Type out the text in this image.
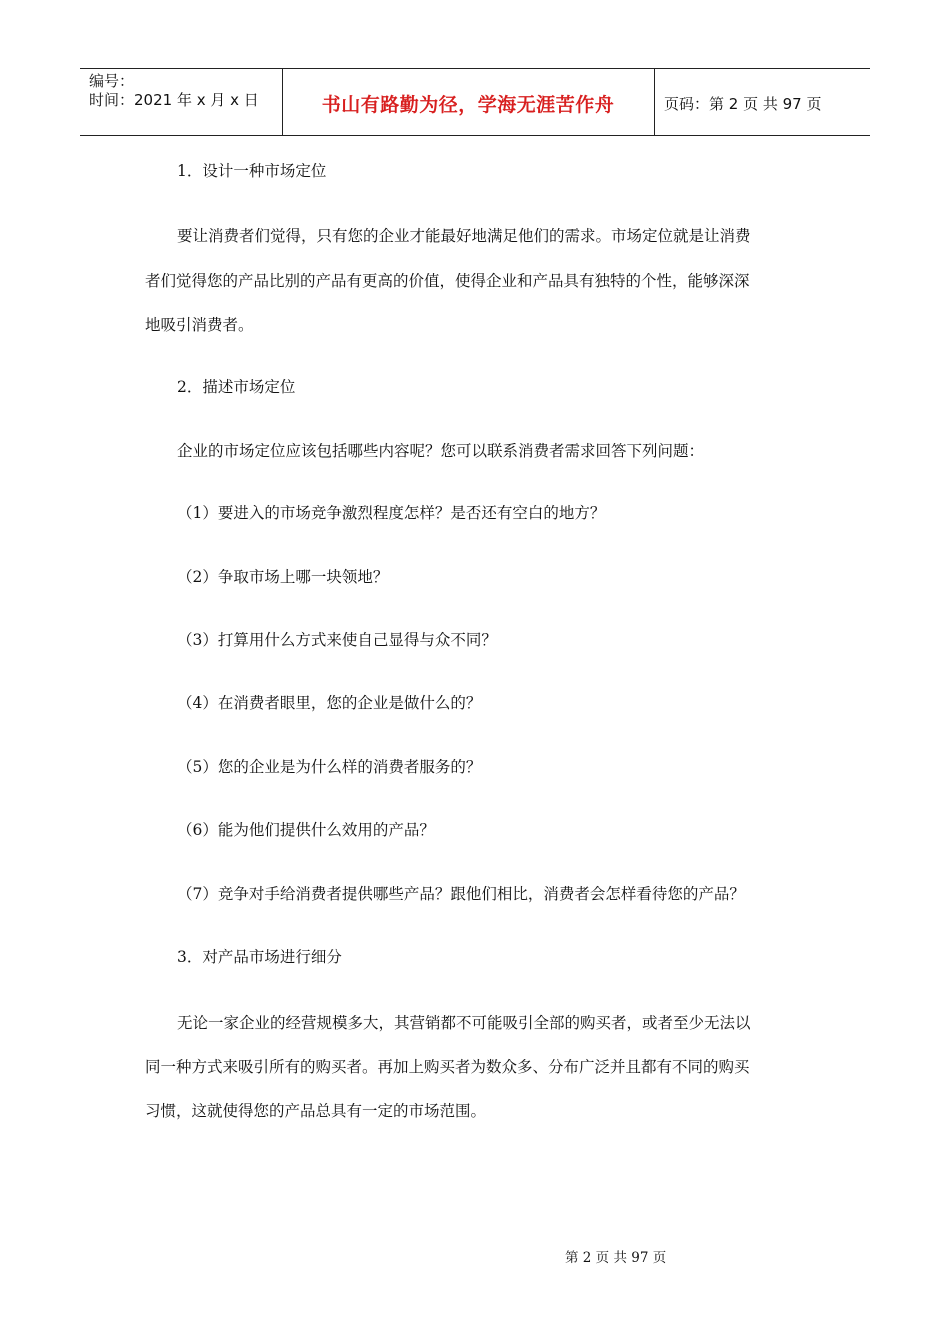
编号：
时间：2021 年 x 月 x 日	书山有路勤为径，学海无涯苦作舟	页码：第 2 页 共 97 页
1．设计一种市场定位
要让消费者们觉得，只有您的企业才能最好地满足他们的需求。市场定位就是让消费
者们觉得您的产品比别的产品有更高的价值，使得企业和产品具有独特的个性，能够深深
地吸引消费者。
2．描述市场定位
企业的市场定位应该包括哪些内容呢？您可以联系消费者需求回答下列问题：
（1）要进入的市场竞争激烈程度怎样？是否还有空白的地方？
（2）争取市场上哪一块领地？
（3）打算用什么方式来使自己显得与众不同？
（4）在消费者眼里，您的企业是做什么的？
（5）您的企业是为什么样的消费者服务的？
（6）能为他们提供什么效用的产品？
（7）竞争对手给消费者提供哪些产品？跟他们相比，消费者会怎样看待您的产品？
3．对产品市场进行细分
无论一家企业的经营规模多大，其营销都不可能吸引全部的购买者，或者至少无法以
同一种方式来吸引所有的购买者。再加上购买者为数众多、分布广泛并且都有不同的购买
习惯，这就使得您的产品总具有一定的市场范围。
第 2 页 共 97 页
